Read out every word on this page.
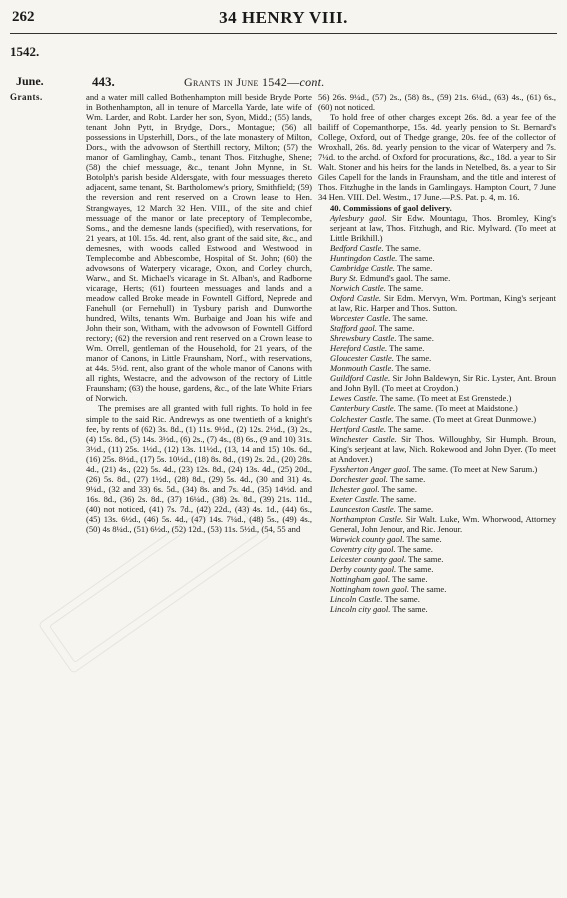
262	34 HENRY VIII.
1542.
June.
Grants.
443.	Grants in June 1542—cont.

and a water mill called Bothenhampton mill beside Bryde Porte in Bothenhampton, all in tenure of Marcella Yarde, late wife of Wm. Larder, and Robt. Larder her son, Syon, Midd.; (55) lands, tenant John Pytt, in Brydge, Dors., Montague; (56) all possessions in Upsterhill, Dors., of the late monastery of Milton, Dors., with the advowson of Sterthill rectory, Milton; (57) the manor of Gamlinghay, Camb., tenant Thos. Fitzhughe, Shene; (58) the chief messuage, &c., tenant John Mynne, in St. Botolph's parish beside Aldersgate, with four messuages thereto adjacent, same tenant, St. Bartholomew's priory, Smithfield; (59) the reversion and rent reserved on a Crown lease to Hen. Strangwayes, 12 March 32 Hen. VIII., of the site and chief messuage of the manor or late preceptory of Templecombe, Soms., and the demesne lands (specified), with reservations, for 21 years, at 10l. 15s. 4d. rent, also grant of the said site, &c., and demesnes, with woods called Estwood and Westwood in Templecombe and Abbescombe, Hospital of St. John; (60) the advowsons of Waterpery vicarage, Oxon, and Corley church, Warw., and St. Michael's vicarage in St. Alban's, and Radborne vicarage, Herts; (61) fourteen messuages and lands and a meadow called Broke meade in Fowntell Gifford, Neprede and Fanehull (or Fernehull) in Tysbury parish and Dunworthe hundred, Wilts, tenants Wm. Burbaige and Joan his wife and John their son, Witham, with the advowson of Fowntell Gifford rectory; (62) the reversion and rent reserved on a Crown lease to Wm. Orrell, gentleman of the Household, for 21 years, of the manor of Canons, in Little Fraunsham, Norf., with reservations, at 44s. 5½d. rent, also grant of the whole manor of Canons with all rights, Westacre, and the advowson of the rectory of Little Fraunsham; (63) the house, gardens, &c., of the late White Friars of Norwich.

The premises are all granted with full rights. To hold in fee simple to the said Ric. Andrewys as one twentieth of a knight's fee, by rents of (62) 3s. 8d., (1) 11s. 9½d., (2) 12s. 2½d., (3) 2s., (4) 15s. 8d., (5) 14s. 3½d., (6) 2s., (7) 4s., (8) 6s., (9 and 10) 31s. 3½d., (11) 25s. 1½d., (12) 13s. 11½d., (13, 14 and 15) 10s. 6d., (16) 25s. 8½d., (17) 5s. 10½d., (18) 8s. 8d., (19) 2s. 2d., (20) 28s. 4d., (21) 4s., (22) 5s. 4d., (23) 12s. 8d., (24) 13s. 4d., (25) 20d., (26) 5s. 8d., (27) 1½d., (28) 8d., (29) 5s. 4d., (30 and 31) 4s. 9¼d., (32 and 33) 6s. 5d., (34) 8s. and 7s. 4d., (35) 14½d. and 16s. 8d., (36) 2s. 8d., (37) 16¼d., (38) 2s. 8d., (39) 21s. 11d., (40) not noticed, (41) 7s. 7d., (42) 22d., (43) 4s. 1d., (44) 6s., (45) 13s. 6½d., (46) 5s. 4d., (47) 14s. 7¼d., (48) 5s., (49) 4s., (50) 4s 8¼d., (51) 6½d., (52) 12d., (53) 11s. 5½d., (54, 55 and

56) 26s. 9¼d., (57) 2s., (58) 8s., (59) 21s. 6¼d., (63) 4s., (61) 6s., (60) not noticed.

To hold free of other charges except 26s. 8d. a year fee of the bailiff of Copemanthorpe, 15s. 4d. yearly pension to St. Bernard's College, Oxford, out of Thedge grange, 20s. fee of the collector of Wroxhall, 26s. 8d. yearly pension to the vicar of Waterpery and 7s. 7¼d. to the archd. of Oxford for procurations, &c., 18d. a year to Sir Walt. Stoner and his heirs for the lands in Netelbed, 8s. a year to Sir Giles Capell for the lands in Fraunsham, and the title and interest of Thos. Fitzhughe in the lands in Gamlingays. Hampton Court, 7 June 34 Hen. VIII. Del. Westm., 17 June.—P.S. Pat. p. 4, m. 16.

40. Commissions of gaol delivery.

Aylesbury gaol. Sir Edw. Mountagu, Thos. Bromley, King's serjeant at law, Thos. Fitzhugh, and Ric. Mylward. (To meet at Little Brikhill.)

Bedford Castle. The same.

Huntingdon Castle. The same.

Cambridge Castle. The same.

Bury St. Edmund's gaol. The same.

Norwich Castle. The same.

Oxford Castle. Sir Edm. Mervyn, Wm. Portman, King's serjeant at law, Ric. Harper and Thos. Sutton.

Worcester Castle. The same.

Stafford gaol. The same.

Shrewsbury Castle. The same.

Hereford Castle. The same.

Gloucester Castle. The same.

Monmouth Castle. The same.

Guildford Castle. Sir John Baldewyn, Sir Ric. Lyster, Ant. Broun and John Byll. (To meet at Croydon.)

Lewes Castle. The same. (To meet at Est Grenstede.)

Canterbury Castle. The same. (To meet at Maidstone.)

Colchester Castle. The same. (To meet at Great Dunmowe.)

Hertford Castle. The same.

Winchester Castle. Sir Thos. Willoughby, Sir Humph. Broun, King's serjeant at law, Nich. Rokewood and John Dyer. (To meet at Andover.)

Fyssherton Anger gaol. The same. (To meet at New Sarum.)

Dorchester gaol. The same.

Ilchester gaol. The same.

Exeter Castle. The same.

Launceston Castle. The same.

Northampton Castle. Sir Walt. Luke, Wm. Whorwood, Attorney General, John Jenour, and Ric. Jenour.

Warwick county gaol. The same.

Coventry city gaol. The same.

Leicester county gaol. The same.

Derby county gaol. The same.

Nottingham gaol. The same.

Nottingham town gaol. The same.

Lincoln Castle. The same.

Lincoln city gaol. The same.
